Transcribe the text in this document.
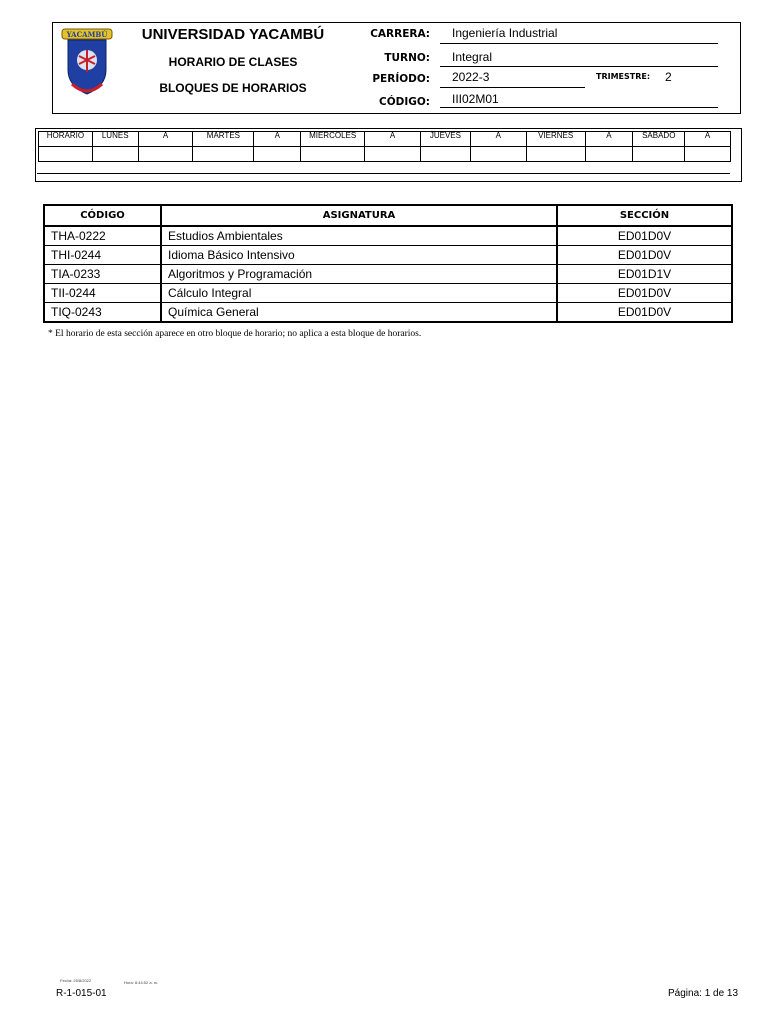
YACAMBÚ UNIVERSIDAD YACAMBÚ
HORARIO DE CLASES
BLOQUES DE HORARIOS
CARRERA: Ingeniería Industrial
TURNO: Integral
PERÍODO: 2022-3	TRIMESTRE: 2
CÓDIGO: III02M01
HORARIO	LUNES	A	MARTES	A	MIERCOLES	A	JUEVES	A	VIERNES	A	SABADO	A

CÓDIGO	ASIGNATURA	SECCIÓN
THA-0222	Estudios Ambientales	ED01D0V
THI-0244	Idioma Básico Intensivo	ED01D0V
TIA-0233	Algoritmos y Programación	ED01D1V
TII-0244	Cálculo Integral	ED01D0V
TIQ-0243	Química General	ED01D0V
* El horario de esta sección aparece en otro bloque de horario; no aplica a esta bloque de horarios.
Fecha: 25/8/2022	Hora: 8:44:52 a. m.
R-1-015-01	Página: 1 de 13
